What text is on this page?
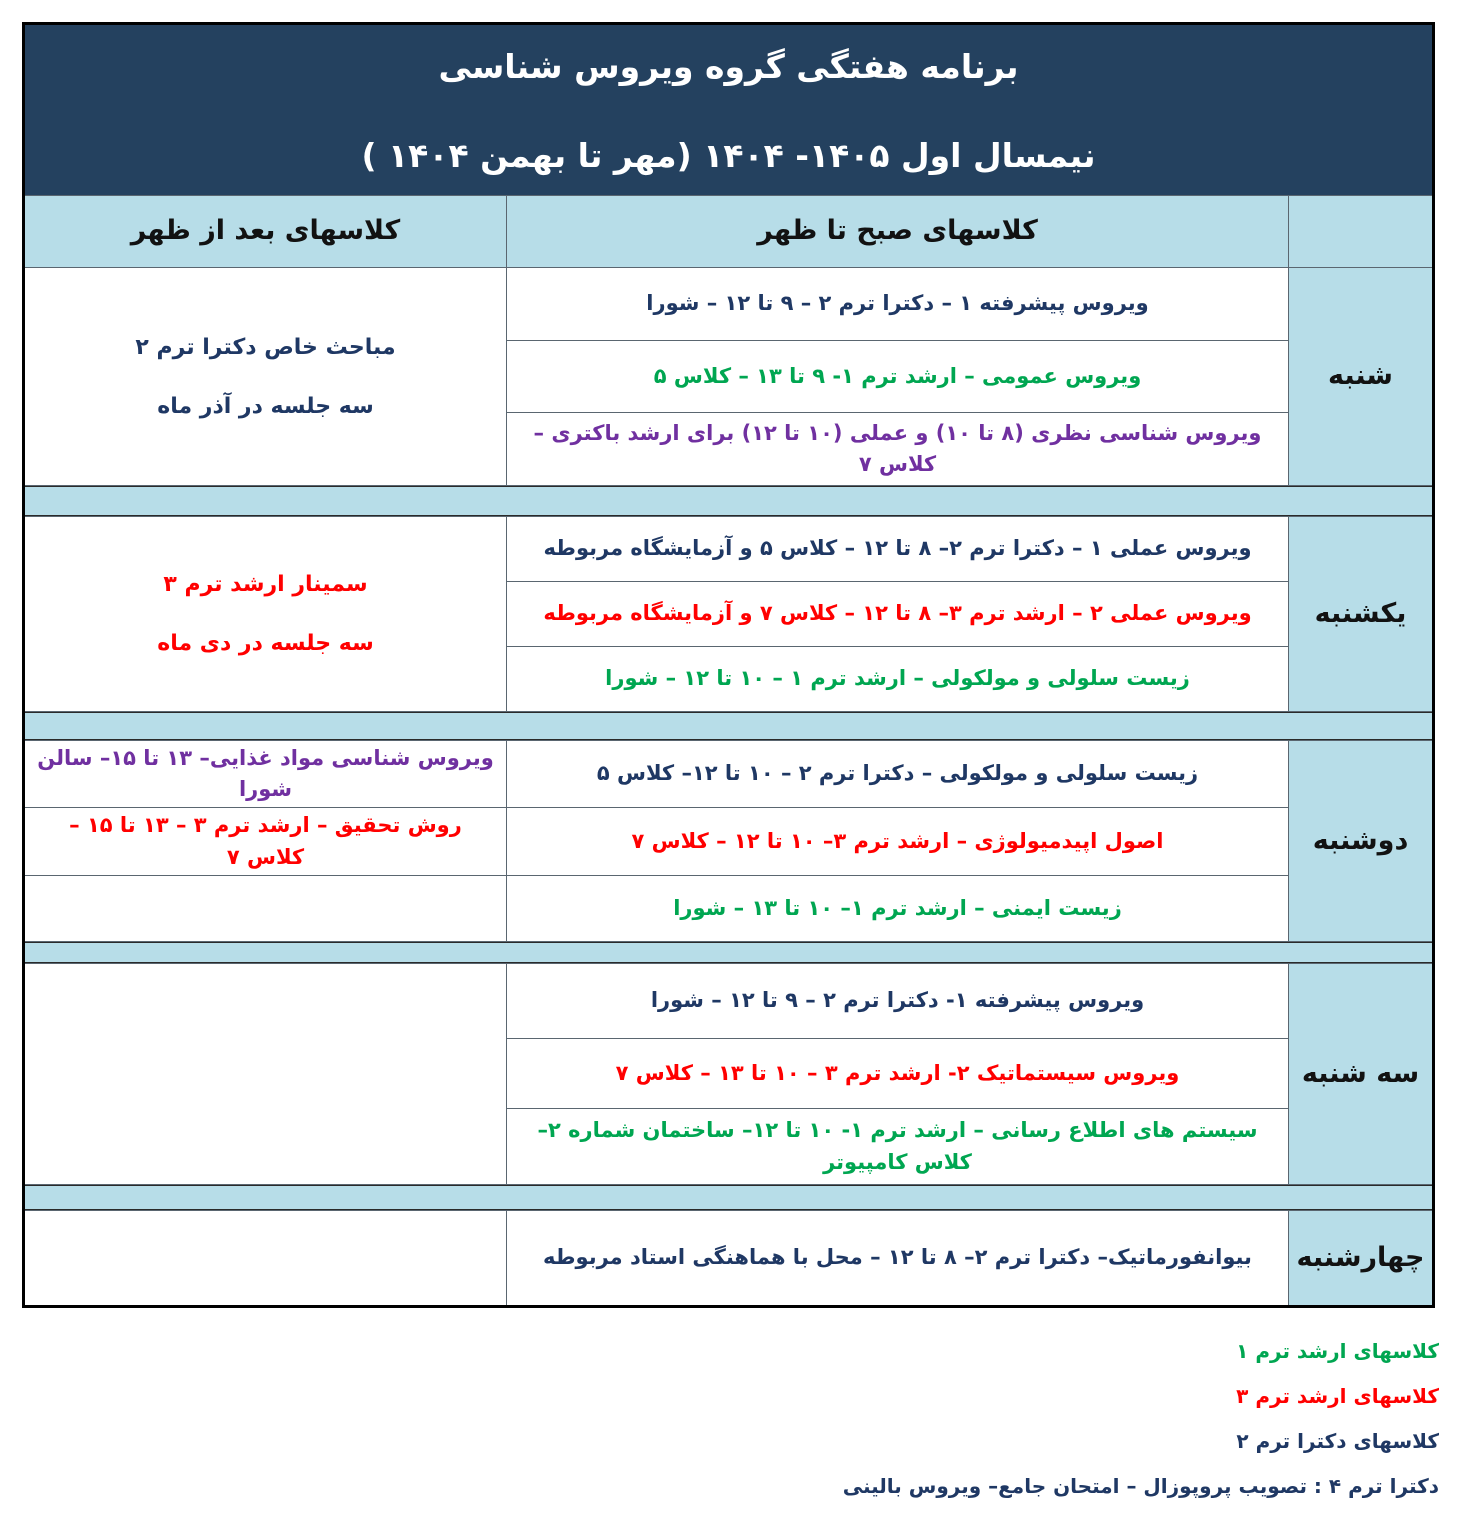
برنامه هفتگی گروه ویروس شناسی
نیمسال اول ۱۴۰۵- ۱۴۰۴ (مهر تا بهمن ۱۴۰۴ )
کلاسهای صبح تا ظهر
کلاسهای بعد از ظهر
شنبه
ویروس پیشرفته ۱ – دکترا ترم ۲ – ۹ تا ۱۲ – شورا
ویروس عمومی – ارشد ترم ۱- ۹ تا ۱۳ – کلاس ۵
ویروس شناسی نظری (۸ تا ۱۰) و عملی (۱۰ تا ۱۲) برای ارشد باکتری – کلاس ۷
مباحث خاص دکترا ترم ۲
سه جلسه در آذر ماه
یکشنبه
ویروس عملی ۱ – دکترا ترم ۲– ۸ تا ۱۲ – کلاس ۵ و آزمایشگاه مربوطه
ویروس عملی ۲ – ارشد ترم ۳– ۸ تا ۱۲ – کلاس ۷ و آزمایشگاه مربوطه
زیست سلولی و مولکولی – ارشد ترم ۱ – ۱۰ تا ۱۲ – شورا
سمینار ارشد ترم ۳
سه جلسه در دی ماه
دوشنبه
زیست سلولی و مولکولی – دکترا ترم ۲ – ۱۰ تا ۱۲– کلاس ۵
اصول اپیدمیولوژی – ارشد ترم ۳– ۱۰ تا ۱۲ – کلاس ۷
زیست ایمنی – ارشد ترم ۱– ۱۰ تا ۱۳ – شورا
ویروس شناسی مواد غذایی– ۱۳ تا ۱۵– سالن شورا
روش تحقیق – ارشد ترم ۳ – ۱۳ تا ۱۵ – کلاس ۷
سه شنبه
ویروس پیشرفته ۱- دکترا ترم ۲ – ۹ تا ۱۲ – شورا
ویروس سیستماتیک ۲- ارشد ترم ۳ – ۱۰ تا ۱۳ – کلاس ۷
سیستم های اطلاع رسانی – ارشد ترم ۱- ۱۰ تا ۱۲– ساختمان شماره ۲–کلاس کامپیوتر
چهارشنبه
بیوانفورماتیک– دکترا ترم ۲– ۸ تا ۱۲ – محل با هماهنگی استاد مربوطه
کلاسهای ارشد ترم ۱
کلاسهای ارشد ترم ۳
کلاسهای دکترا ترم ۲
دکترا ترم ۴ : تصویب پروپوزال – امتحان جامع– ویروس بالینی
